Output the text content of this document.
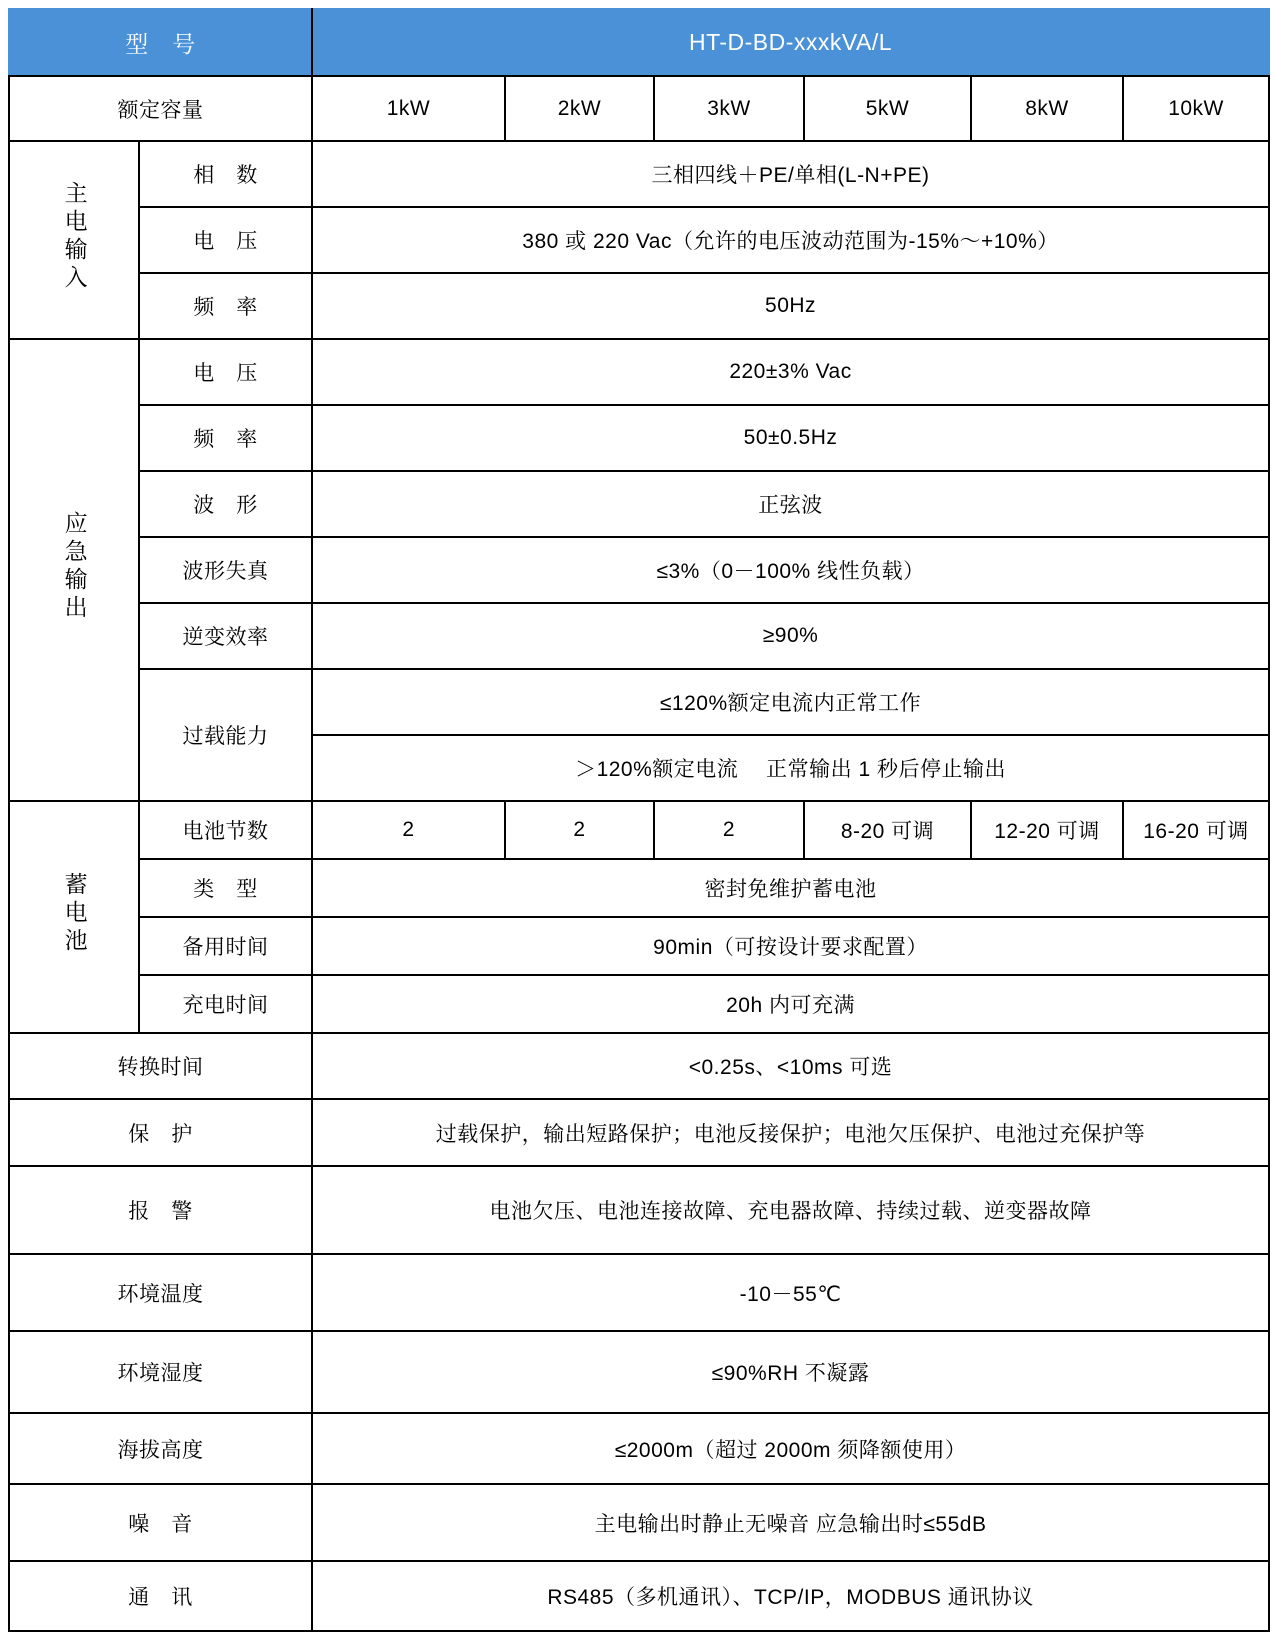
型　号		HT-D-BD-xxxkVA/L					
额定容量		1kW	2kW	3kW	5kW	8kW	10kW
主电输入	相　数	三相四线＋PE/单相(L-N+PE)					
	电　压	380 或 220 Vac（允许的电压波动范围为-15%～+10%）					
	频　率	50Hz					
应急输出	电　压	220±3% Vac					
	频　率	50±0.5Hz					
	波　形	正弦波					
	波形失真	≤3%（0－100% 线性负载）					
	逆变效率	≥90%					
	过载能力	≤120%额定电流内正常工作					
		＞120%额定电流　 正常输出 1 秒后停止输出					
蓄电池	电池节数	2	2	2	8-20 可调	12-20 可调	16-20 可调
	类　型	密封免维护蓄电池					
	备用时间	90min（可按设计要求配置）					
	充电时间	20h 内可充满					
转换时间		<0.25s、<10ms 可选					
保　护		过载保护，输出短路保护；电池反接保护；电池欠压保护、电池过充保护等					
报　警		电池欠压、电池连接故障、充电器故障、持续过载、逆变器故障					
环境温度		-10－55℃					
环境湿度		≤90%RH 不凝露					
海拔高度		≤2000m（超过 2000m 须降额使用）					
噪　音		主电输出时静止无噪音 应急输出时≤55dB					
通　讯		RS485（多机通讯）、TCP/IP，MODBUS 通讯协议					
